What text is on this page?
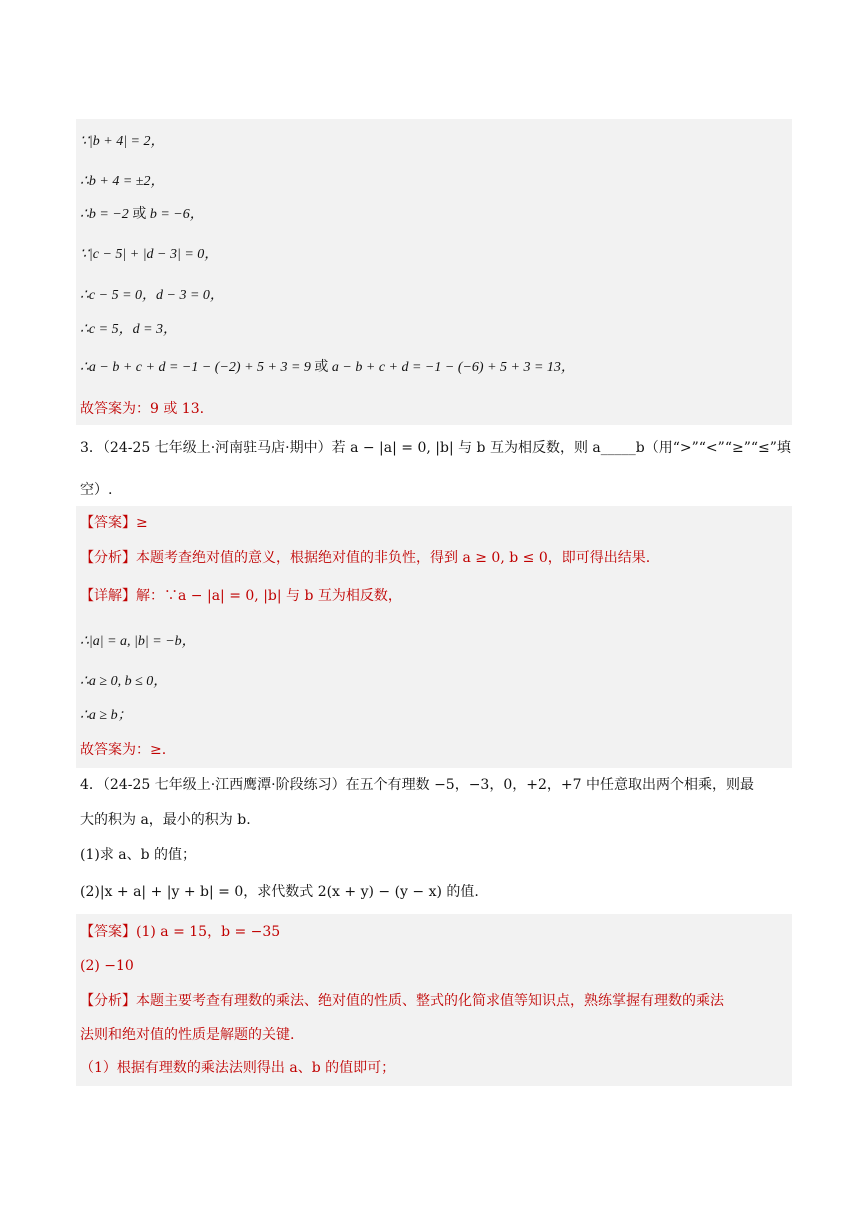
∵|b + 4| = 2，
∴b + 4 = ±2，
∴b = −2 或 b = −6，
∵|c − 5| + |d − 3| = 0，
∴c − 5 = 0，d − 3 = 0，
∴c = 5，d = 3，
∴a − b + c + d = −1 − (−2) + 5 + 3 = 9 或 a − b + c + d = −1 − (−6) + 5 + 3 = 13，
故答案为：9 或 13.
3．（24-25 七年级上·河南驻马店·期中）若 a − |a| = 0, |b| 与 b 互为相反数，则 a_____b（用“>”“<”“≥”“≤”填
空）.
【答案】≥
【分析】本题考查绝对值的意义，根据绝对值的非负性，得到 a ≥ 0, b ≤ 0，即可得出结果.
【详解】解：∵a − |a| = 0, |b| 与 b 互为相反数，
∴|a| = a, |b| = −b，
∴a ≥ 0, b ≤ 0，
∴a ≥ b；
故答案为：≥.
4．（24-25 七年级上·江西鹰潭·阶段练习）在五个有理数 −5，−3，0，+2，+7 中任意取出两个相乘，则最
大的积为 a，最小的积为 b.
(1)求 a、b 的值；
(2)|x + a| + |y + b| = 0，求代数式 2(x + y) − (y − x) 的值.
【答案】(1) a = 15，b = −35
(2) −10
【分析】本题主要考查有理数的乘法、绝对值的性质、整式的化简求值等知识点，熟练掌握有理数的乘法
法则和绝对值的性质是解题的关键.
（1）根据有理数的乘法法则得出 a、b 的值即可；
